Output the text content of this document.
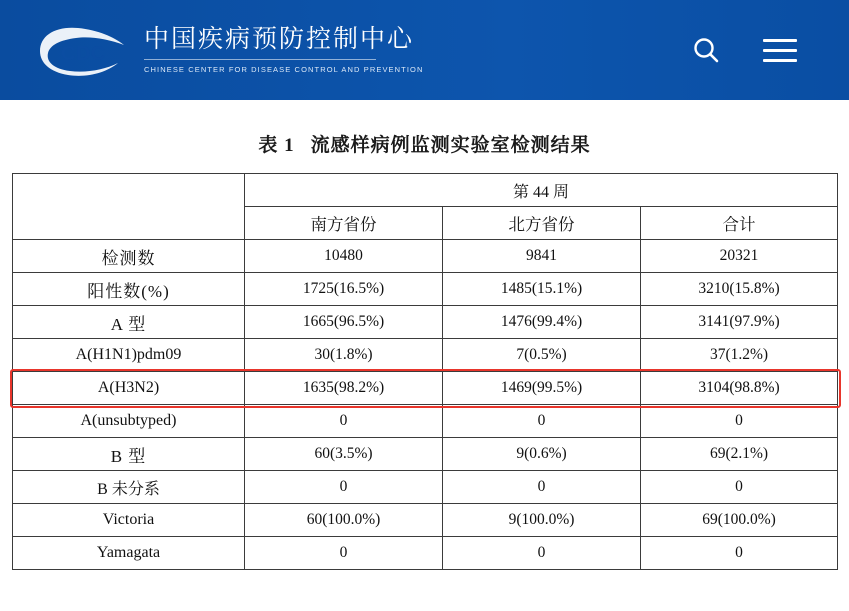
CDC
中国疾病预防控制中心
CHINESE CENTER FOR DISEASE CONTROL AND PREVENTION
表 1 流感样病例监测实验室检测结果
	第 44 周		
	南方省份	北方省份	合计
检测数	10480	9841	20321
阳性数(%)	1725(16.5%)	1485(15.1%)	3210(15.8%)
A 型	1665(96.5%)	1476(99.4%)	3141(97.9%)
A(H1N1)pdm09	30(1.8%)	7(0.5%)	37(1.2%)
A(H3N2)	1635(98.2%)	1469(99.5%)	3104(98.8%)
A(unsubtyped)	0	0	0
B 型	60(3.5%)	9(0.6%)	69(2.1%)
B 未分系	0	0	0
Victoria	60(100.0%)	9(100.0%)	69(100.0%)
Yamagata	0	0	0
